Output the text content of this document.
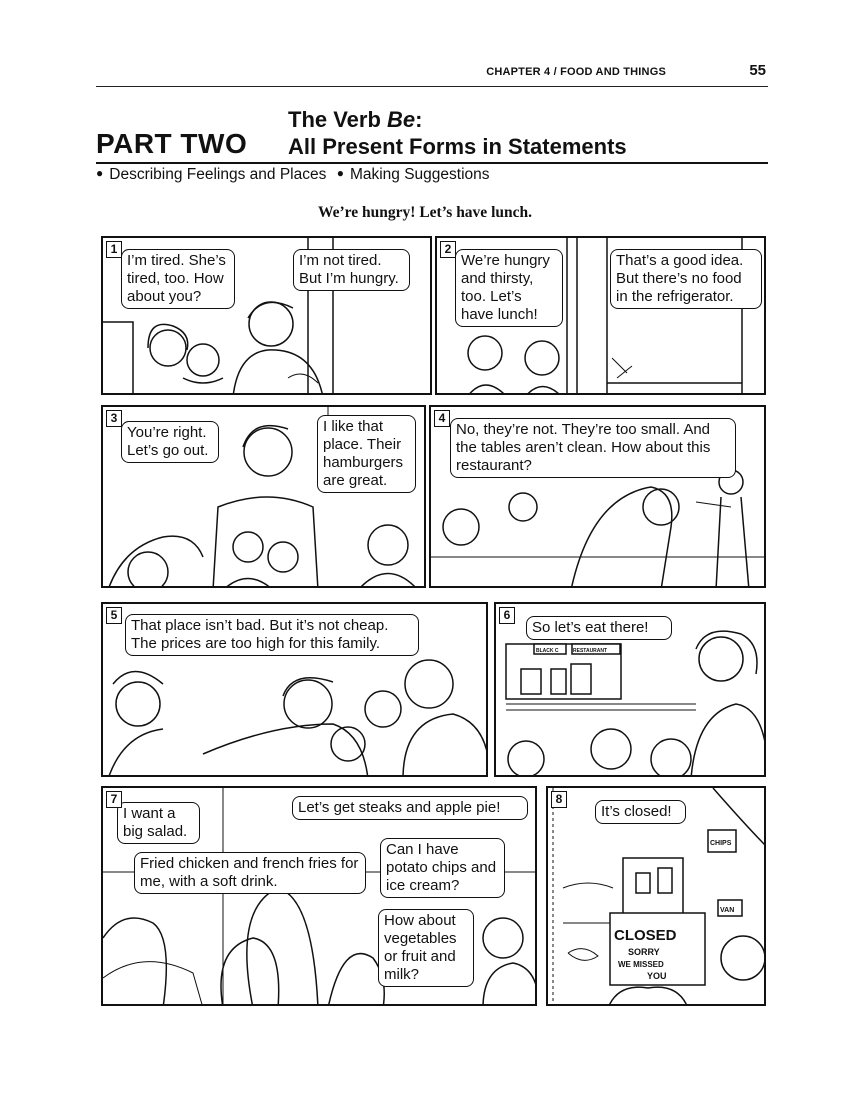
CHAPTER 4 / FOOD AND THINGS	55
The Verb Be:
PART TWO All Present Forms in Statements
● Describing Feelings and Places ● Making Suggestions
We’re hungry! Let’s have lunch.
1
I’m tired. She’s tired, too. How about you?
I’m not tired. But I’m hungry.
2
We’re hungry and thirsty, too. Let’s have lunch!
That’s a good idea. But there’s no food in the refrigerator.
3
You’re right. Let’s go out.
I like that place. Their hamburgers are great.
4
No, they’re not. They’re too small. And the tables aren’t clean. How about this restaurant?
5
That place isn’t bad. But it’s not cheap. The prices are too high for this family.
6
BLACK C	RESTAURANT
So let’s eat there!
7
I want a big salad.
Let’s get steaks and apple pie!
Fried chicken and french fries for me, with a soft drink.
Can I have potato chips and ice cream?
How about vegetables or fruit and milk?
8
CLOSED
SORRY
WE MISSED
YOU
CHIPS
VAN
It’s closed!
